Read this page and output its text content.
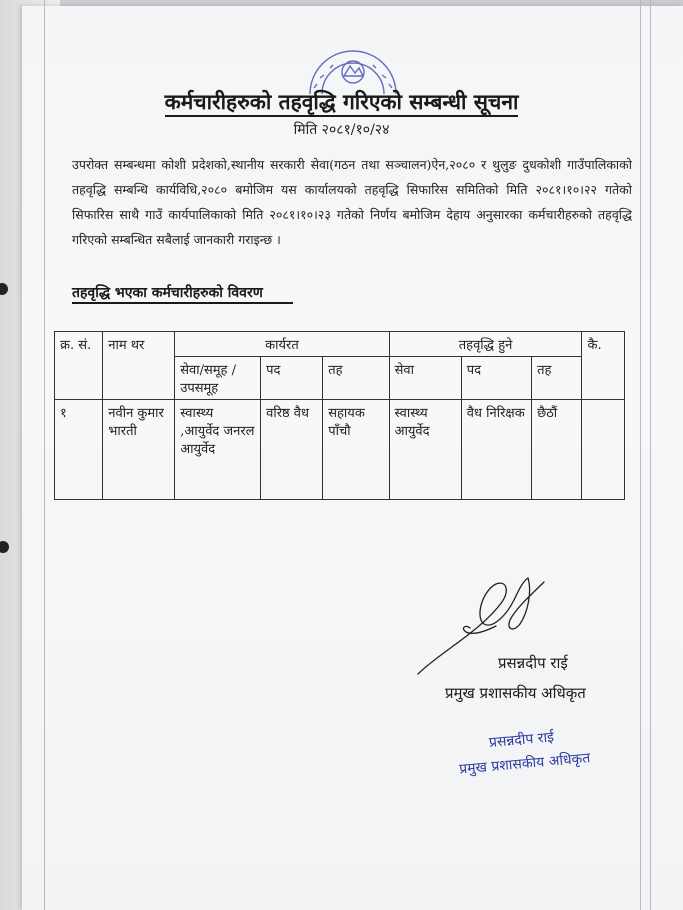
कर्मचारीहरुको तहवृद्धि गरिएको सम्बन्धी सूचना
मिति २०८१/१०/२४
उपरोक्त सम्बन्धमा कोशी प्रदेशको,स्थानीय सरकारी सेवा(गठन तथा सञ्चालन)ऐन,२०८० र थुलुङ दुधकोशी गाउँपालिकाको तहवृद्धि सम्बन्धि कार्यविधि,२०८० बमोजिम यस कार्यालयको तहवृद्धि सिफारिस समितिको मिति २०८१।१०।२२ गतेको सिफारिस साथै गाउँ कार्यपालिकाको मिति २०८१।१०।२३ गतेको निर्णय बमोजिम देहाय अनुसारका कर्मचारीहरुको तहवृद्धि गरिएको सम्बन्धित सबैलाई जानकारी गराइन्छ ।
तहवृद्धि भएका कर्मचारीहरुको विवरण
क्र. सं.	नाम थर	कार्यरत			तहवृद्धि हुने			कै.
		सेवा/समूह / उपसमूह	पद	तह	सेवा	पद	तह	
१	नवीन कुमार भारती	स्वास्थ्य ,आयुर्वेद जनरल आयुर्वेद	वरिष्ठ वैध	सहायक पाँचौ	स्वास्थ्य आयुर्वेद	वैध निरिक्षक	छैठौं	
प्रसन्नदीप राई
प्रमुख प्रशासकीय अधिकृत
प्रसन्नदीप राई
प्रमुख प्रशासकीय अधिकृत
